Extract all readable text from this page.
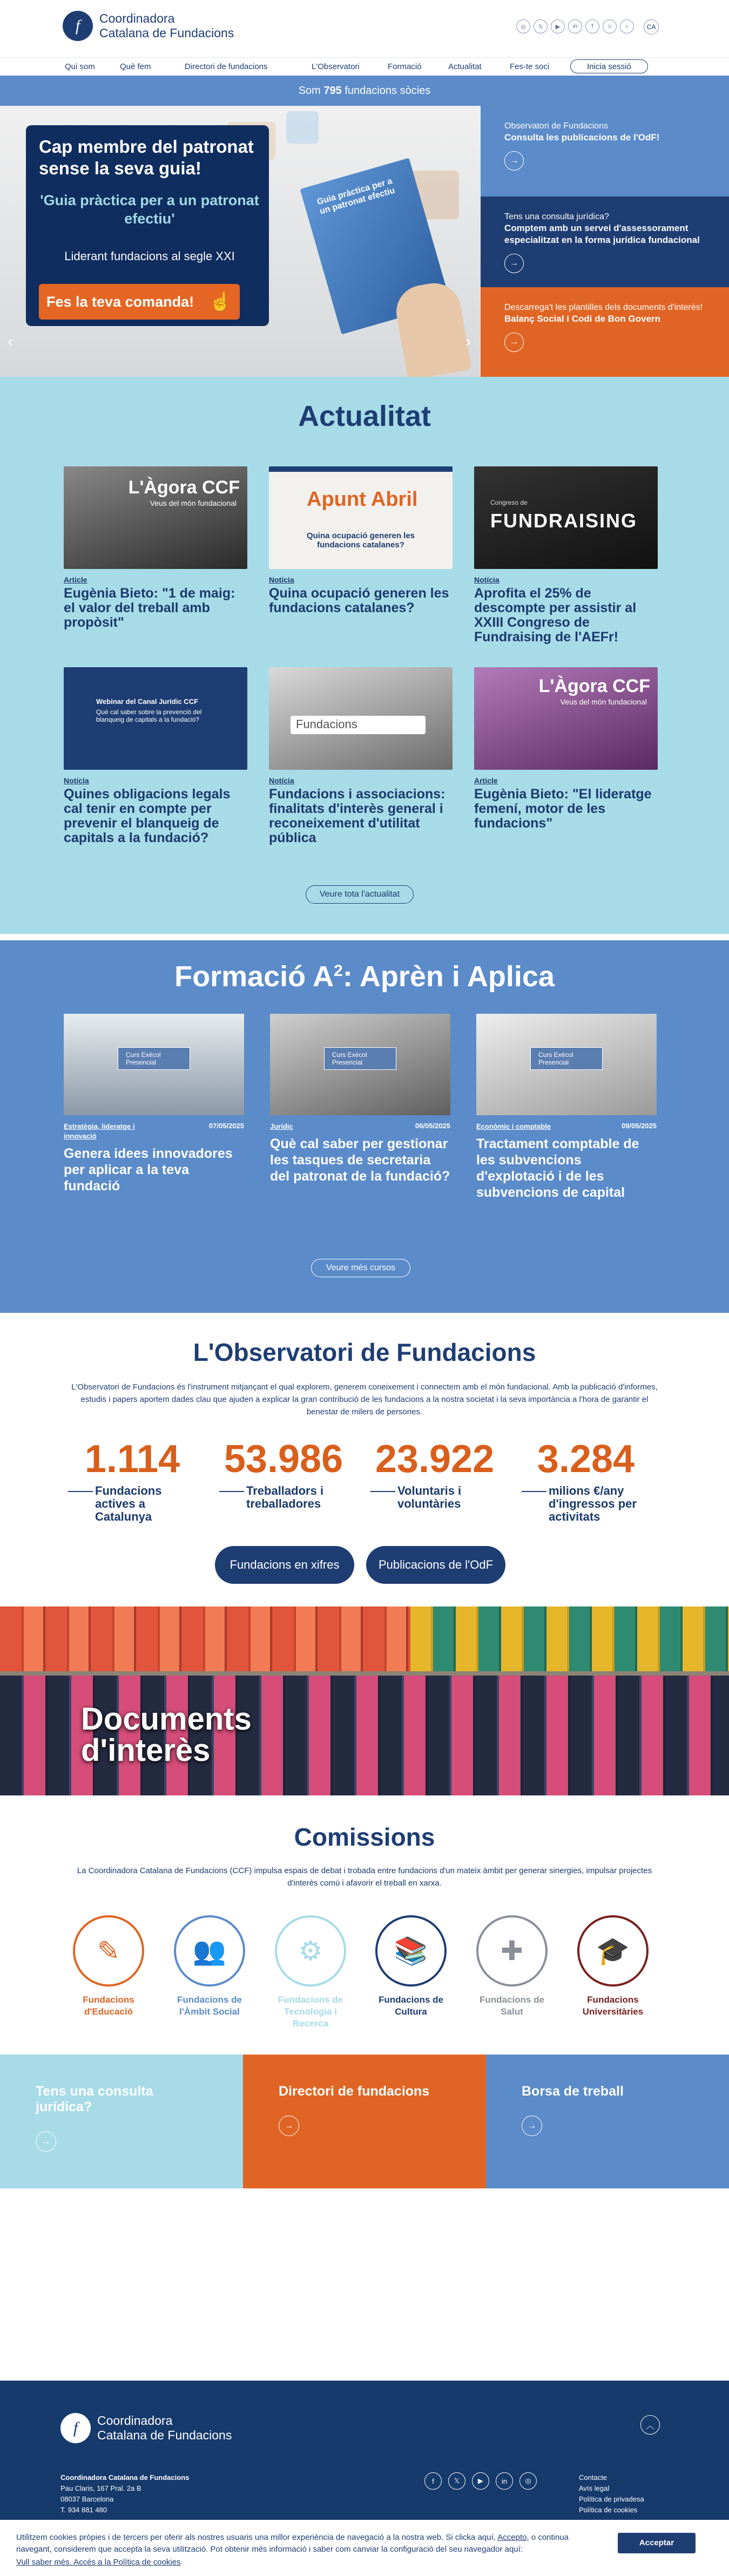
f	Coordinadora
Catalana de Fundacions	◎	𝕏	▶	in	f	☺	⌕	CA
Qui som	Què fem	Directori de fundacions	L'Observatori	Formació	Actualitat	Fes-te soci	Inicia sessió
Som
795
fundacions sòcies
Guia pràctica per a un patronat efectiu
Cap membre del patronat sense la seva guia!
'Guia pràctica per a un patronat efectiu'
Liderant fundacions al segle XXI
Fes la teva comanda! ☝
‹	›
Observatori de Fundacions
Consulta les publicacions de l'OdF!
→
Tens una consulta jurídica?
Comptem amb un servei d'assessorament especialitzat en la forma jurídica fundacional
→
Descarrega't les plantilles dels documents d'interès!
Balanç Social i Codi de Bon Govern
→
Actualitat
L'Àgora CCF
Veus del món fundacional
Article
Eugènia Bieto: "1 de maig: el valor del treball amb propòsit"
Apunt Abril
Quina ocupació generen les fundacions catalanes?
Notícia
Quina ocupació generen les fundacions catalanes?
Congreso de
FUNDRAISING
Notícia
Aprofita el 25% de descompte per assistir al XXIII Congreso de Fundraising de l'AEFr!
Webinar del Canal Jurídic CCF
Què cal saber sobre la prevenció del blanqueig de capitals a la fundació?
Notícia
Quines obligacions legals cal tenir en compte per prevenir el blanqueig de capitals a la fundació?
Fundacions
Notícia
Fundacions i associacions: finalitats d'interès general i reconeixement d'utilitat pública
L'Àgora CCF
Veus del món fundacional
Article
Eugènia Bieto: "El lideratge femení, motor de les fundacions"
Veure tota l'actualitat
Formació $A^2$: Aprèn i Aplica
Curs Exécol
Presencial
Estratègia, lideratge i innovació
07/05/2025
Genera idees innovadores per aplicar a la teva fundació
Curs Exécol
Presencial
Jurídic	06/05/2025
Què cal saber per gestionar les tasques de secretaria del patronat de la fundació?
Curs Exécol
Presencial
Econòmic i comptable	09/05/2025
Tractament comptable de les subvencions d'explotació i de les subvencions de capital
Veure més cursos
L'Observatori de Fundacions
L'Observatori de Fundacions és l'instrument mitjançant el qual explorem, generem coneixement i connectem amb el món fundacional. Amb la publicació d'informes, estudis i papers aportem dades clau que ajuden a explicar la gran contribució de les fundacions a la nostra societat i la seva importància a l'hora de garantir el benestar de milers de persones.
1.114
Fundacions actives a Catalunya
53.986
Treballadors i treballadores
23.922
Voluntaris i voluntàries
3.284
milions €/any d'ingressos per activitats
Fundacions en xifres	Publicacions de l'OdF
Documents
d'interès
Comissions
La Coordinadora Catalana de Fundacions (CCF) impulsa espais de debat i trobada entre fundacions d'un mateix àmbit per generar sinergies, impulsar projectes d'interès comú i afavorir el treball en xarxa.
✎
Fundacions d'Educació
👥
Fundacions de l'Àmbit Social
⚙
Fundacions de Tecnologia i Recerca
📚
Fundacions de Cultura
✚
Fundacions de Salut
🎓
Fundacions Universitàries
Tens una consulta jurídica?
→
Directori de fundacions
→
Borsa de treball
→
f	Coordinadora
Catalana de Fundacions
︿
Coordinadora Catalana de Fundacions
Pau Claris, 167 Pral. 2a B
08037 Barcelona
T. 934 881 480
f	𝕏	▶	in	◎	Contacte
Avís legal
Política de privadesa
Política de cookies
Utilitzem cookies pròpies i de tercers per oferir als nostres usuaris una millor experiència de navegació a la nostra web. Si clicka aquí, Accepto, o continua navegant, considerem que accepta la seva utilització. Pot obtenir més informació i saber com canviar la configuració del seu navegador aquí:
Vull saber més. Accés a la Política de cookies
Acceptar
